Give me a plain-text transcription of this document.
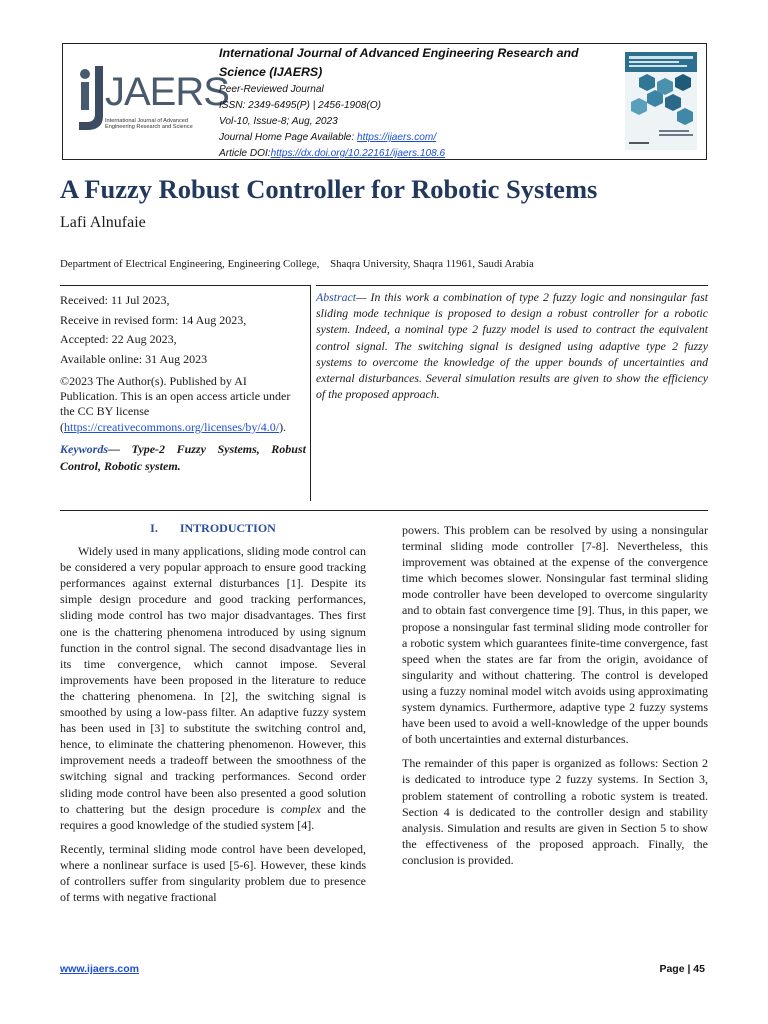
JAERS
International Journal of Advanced
Engineering Research and Science
International Journal of Advanced Engineering Research and
Science (IJAERS)
Peer-Reviewed Journal
ISSN: 2349-6495(P) | 2456-1908(O)
Vol-10, Issue-8; Aug, 2023
Journal Home Page Available: https://ijaers.com/
Article DOI:https://dx.doi.org/10.22161/ijaers.108.6
A Fuzzy Robust Controller for Robotic Systems
Lafi Alnufaie
Department of Electrical Engineering, Engineering College,    Shaqra University, Shaqra 11961, Saudi Arabia

Received: 11 Jul 2023,

Receive in revised form: 14 Aug 2023,

Accepted: 22 Aug 2023,

Available online: 31 Aug 2023

©2023 The Author(s). Published by AI Publication. This is an open access article under the CC BY license (https://creativecommons.org/licenses/by/4.0/).

Keywords— Type-2 Fuzzy Systems, Robust Control, Robotic system.

Abstract— In this work a combination of type 2 fuzzy logic and nonsingular fast sliding mode technique is proposed to design a robust controller for a robotic system. Indeed, a nominal type 2 fuzzy model is used to contract the equivalent control signal. The switching signal is designed using adaptive type 2 fuzzy systems to overcome the knowledge of the upper bounds of uncertainties and external disturbances. Several simulation results are given to show the efficiency of the proposed approach.
I. INTRODUCTION

Widely used in many applications, sliding mode control can be considered a very popular approach to ensure good tracking performances against external disturbances [1]. Despite its simple design procedure and good tracking performances, sliding mode control has two major disadvantages. Thes first one is the chattering phenomena introduced by using signum function in the control signal. The second disadvantage lies in its time convergence, which cannot impose. Several improvements have been proposed in the literature to reduce the chattering phenomena. In [2], the switching signal is smoothed by using a low-pass filter. An adaptive fuzzy system has been used in [3] to substitute the switching control and, hence, to eliminate the chattering phenomenon. However, this improvement needs a tradeoff between the smoothness of the switching signal and tracking performances. Second order sliding mode control have been also presented a good solution to chattering but the design procedure is complex and the requires a good knowledge of the studied system [4].

Recently, terminal sliding mode control have been developed, where a nonlinear surface is used [5-6]. However, these kinds of controllers suffer from singularity problem due to presence of terms with negative fractional

powers. This problem can be resolved by using a nonsingular terminal sliding mode controller [7-8]. Nevertheless, this improvement was obtained at the expense of the convergence time which becomes slower. Nonsingular fast terminal sliding mode controller have been developed to overcome singularity and to obtain fast convergence time [9]. Thus, in this paper, we propose a nonsingular fast terminal sliding mode controller for a robotic system which guarantees finite-time convergence, fast speed when the states are far from the origin, avoidance of singularity and without chattering. The control is developed using a fuzzy nominal model witch avoids using approximating system dynamics. Furthermore, adaptive type 2 fuzzy systems have been used to avoid a well-knowledge of the upper bounds of both uncertainties and external disturbances.

The remainder of this paper is organized as follows: Section 2 is dedicated to introduce type 2 fuzzy systems. In Section 3, problem statement of controlling a robotic system is treated. Section 4 is dedicated to the controller design and stability analysis. Simulation and results are given in Section 5 to show the effectiveness of the proposed approach. Finally, the conclusion is provided.

www.ijaers.com	Page | 45
